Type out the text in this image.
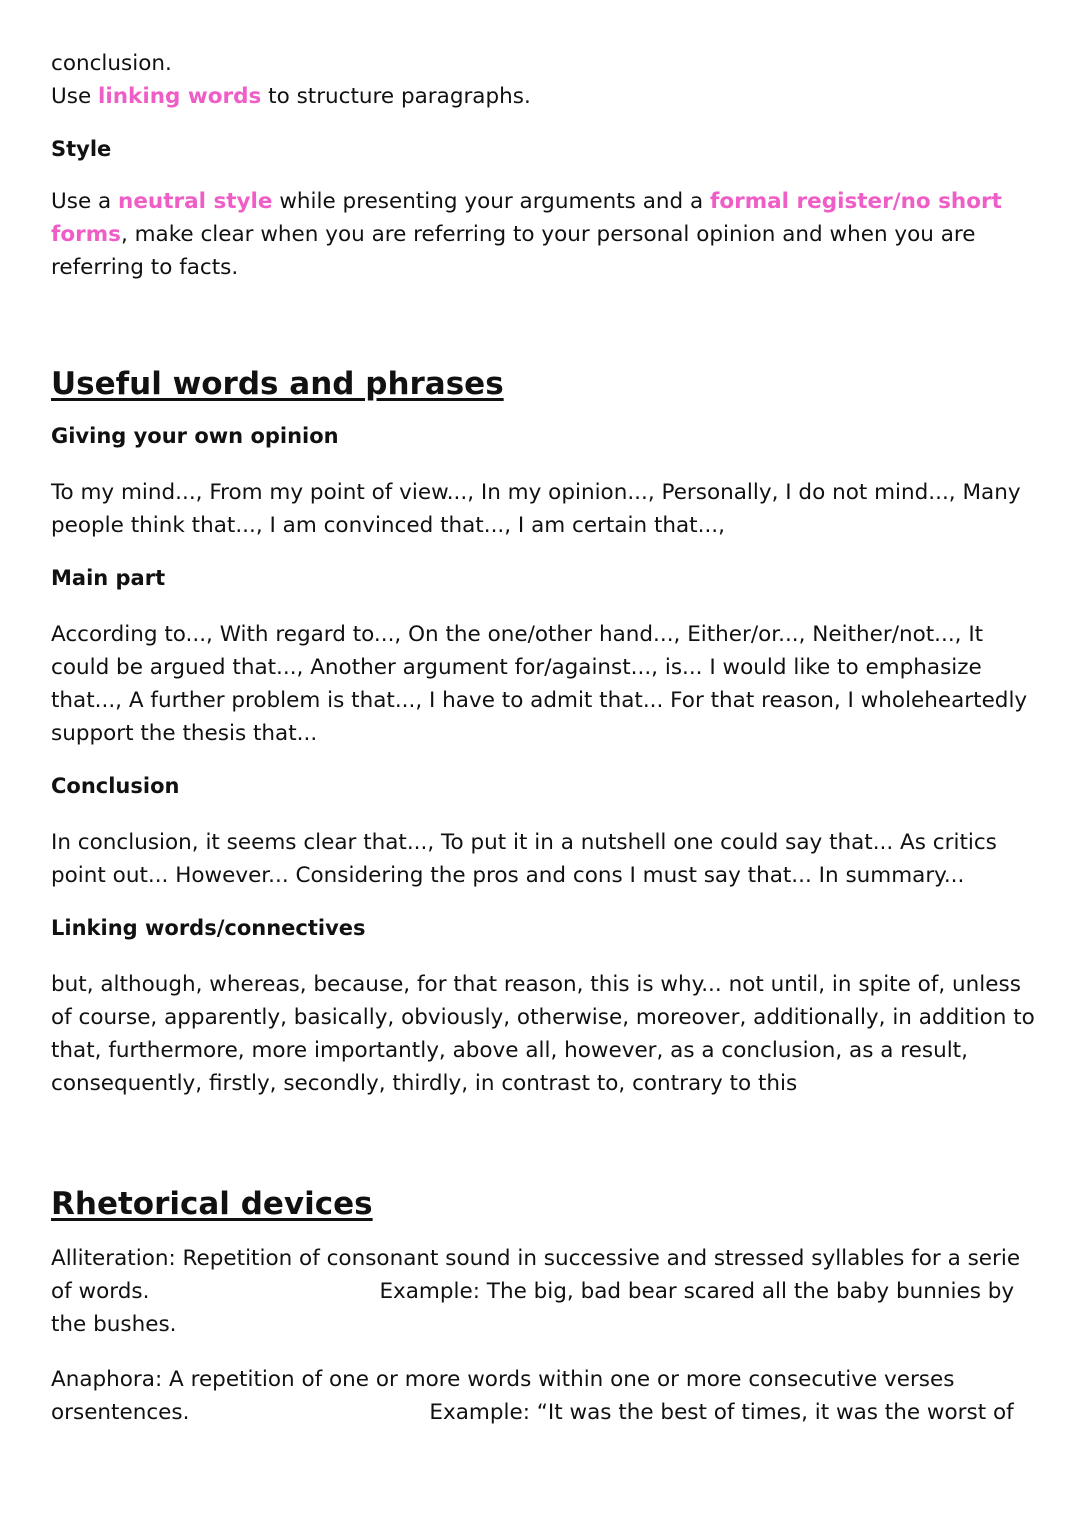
conclusion.

Use linking words to structure paragraphs.

Style

Use a neutral style while presenting your arguments and a formal register/no short forms, make clear when you are referring to your personal opinion and when you are referring to facts.

Useful words and phrases

Giving your own opinion

To my mind..., From my point of view..., In my opinion..., Personally, I do not mind..., Many people think that..., I am convinced that..., I am certain that...,

Main part

According to..., With regard to..., On the one/other hand..., Either/or..., Neither/not..., It could be argued that..., Another argument for/against..., is... I would like to emphasize that..., A further problem is that..., I have to admit that... For that reason, I wholeheartedly support the thesis that...

Conclusion

In conclusion, it seems clear that..., To put it in a nutshell one could say that... As critics point out... However... Considering the pros and cons I must say that... In summary...

Linking words/connectives

but, although, whereas, because, for that reason, this is why... not until, in spite of, unless of course, apparently, basically, obviously, otherwise, moreover, additionally, in addition to that, furthermore, more importantly, above all, however, as a conclusion, as a result, consequently, firstly, secondly, thirdly, in contrast to, contrary to this

Rhetorical devices

Alliteration: Repetition of consonant sound in successive and stressed syllables for a serie of words.	Example: The big, bad bear scared all the baby bunnies by the bushes.

Anaphora: A repetition of one or more words within one or more consecutive verses orsentences.	Example: “It was the best of times, it was the worst of
